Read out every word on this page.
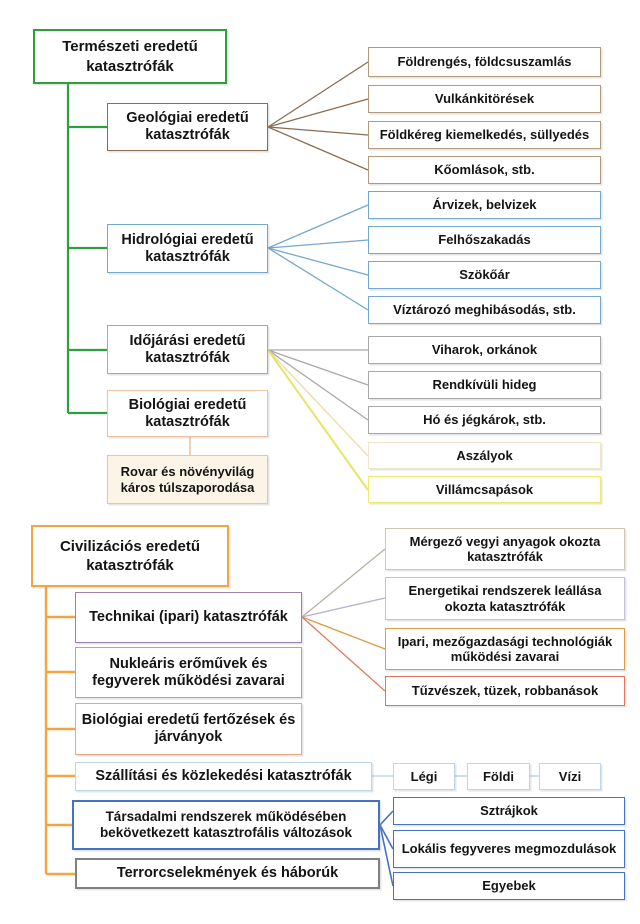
Természeti eredetű katasztrófák
Geológiai eredetű katasztrófák
Hidrológiai eredetű katasztrófák
Időjárási eredetű katasztrófák
Biológiai eredetű katasztrófák
Rovar és növényvilág káros túlszaporodása
Földrengés, földcsuszamlás
Vulkánkitörések
Földkéreg kiemelkedés, süllyedés
Kőomlások, stb.
Árvizek, belvizek
Felhőszakadás
Szökőár
Víztározó meghibásodás, stb.
Viharok, orkánok
Rendkívüli hideg
Hó és jégkárok, stb.
Aszályok
Villámcsapások
Civilizációs eredetű katasztrófák
Technikai (ipari) katasztrófák
Nukleáris erőművek és fegyverek működési zavarai
Biológiai eredetű fertőzések és járványok
Szállítási és közlekedési katasztrófák
Társadalmi rendszerek működésében bekövetkezett katasztrofális változások
Terrorcselekmények és háborúk
Mérgező vegyi anyagok okozta katasztrófák
Energetikai rendszerek leállása okozta katasztrófák
Ipari, mezőgazdasági technológiák működési zavarai
Tűzvészek, tüzek, robbanások
Légi	Földi	Vízi
Sztrájkok
Lokális fegyveres megmozdulások
Egyebek
